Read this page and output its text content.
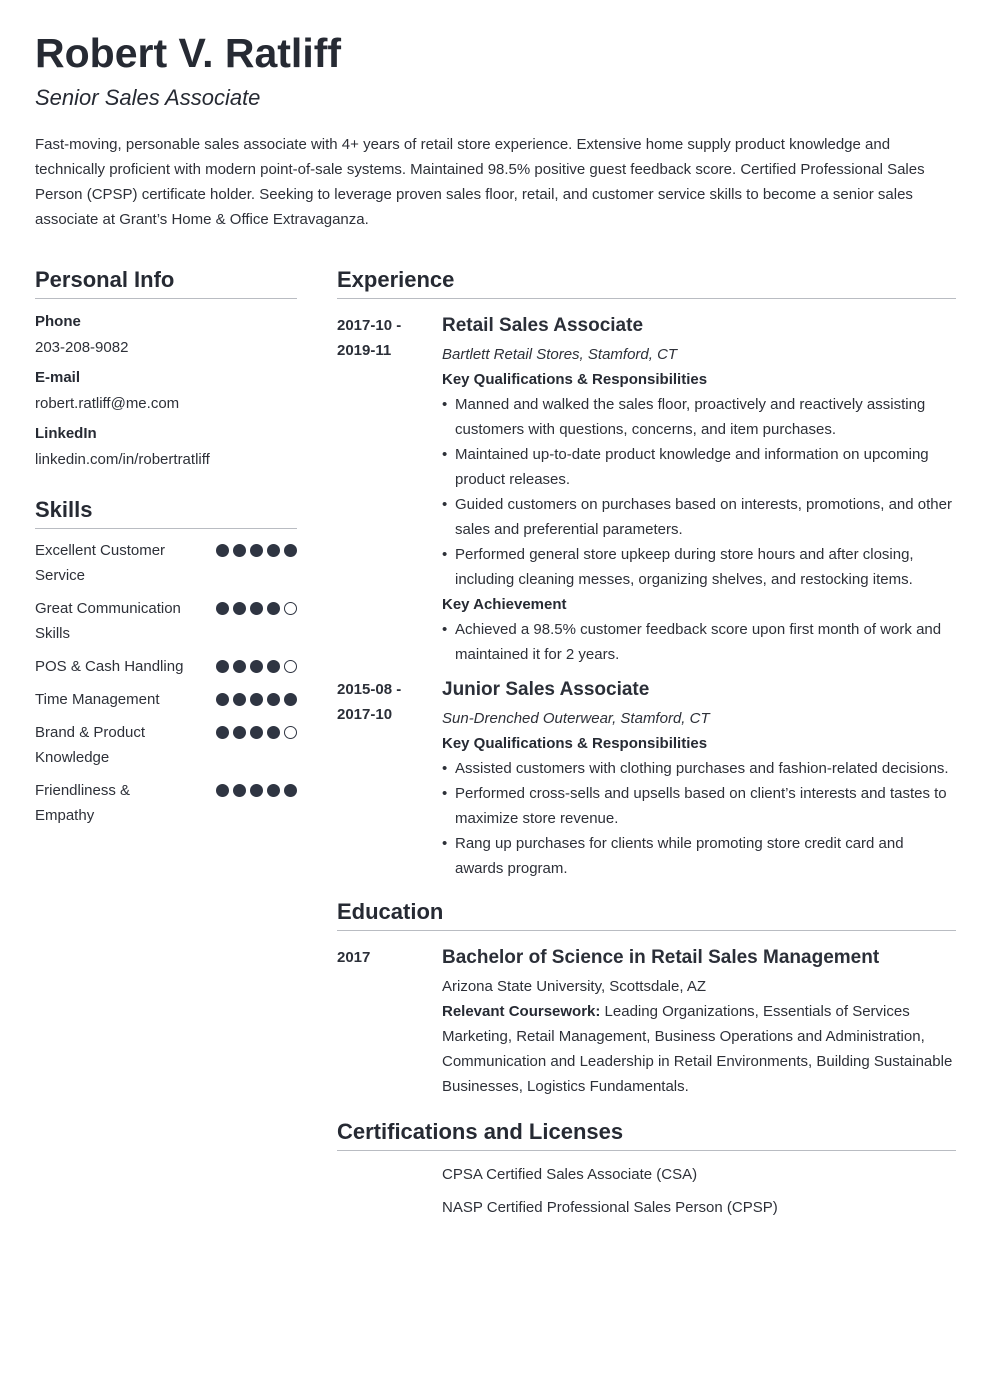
Robert V. Ratliff
Senior Sales Associate

Fast-moving, personable sales associate with 4+ years of retail store experience. Extensive home supply product knowledge and technically proficient with modern point-of-sale systems. Maintained 98.5% positive guest feedback score. Certified Professional Sales Person (CPSP) certificate holder. Seeking to leverage proven sales floor, retail, and customer service skills to become a senior sales associate at Grant’s Home & Office Extravaganza.

Personal Info
Phone
203-208-9082
E-mail
robert.ratliff@me.com
LinkedIn
linkedin.com/in/robertratliff
Skills
Excellent Customer Service
Great Communication Skills
POS & Cash Handling
Time Management
Brand & Product Knowledge
Friendliness & Empathy
Experience
2017-10 -
2019-11
Retail Sales Associate
Bartlett Retail Stores, Stamford, CT
Key Qualifications & Responsibilities
• Manned and walked the sales floor, proactively and reactively assisting customers with questions, concerns, and item purchases.
• Maintained up-to-date product knowledge and information on upcoming product releases.
• Guided customers on purchases based on interests, promotions, and other sales and preferential parameters.
• Performed general store upkeep during store hours and after closing, including cleaning messes, organizing shelves, and restocking items.
Key Achievement
• Achieved a 98.5% customer feedback score upon first month of work and maintained it for 2 years.
2015-08 -
2017-10
Junior Sales Associate
Sun-Drenched Outerwear, Stamford, CT
Key Qualifications & Responsibilities
• Assisted customers with clothing purchases and fashion-related decisions.
• Performed cross-sells and upsells based on client’s interests and tastes to maximize store revenue.
• Rang up purchases for clients while promoting store credit card and awards program.
Education
2017	Bachelor of Science in Retail Sales Management
Arizona State University, Scottsdale, AZ
Relevant Coursework: Leading Organizations, Essentials of Services Marketing, Retail Management, Business Operations and Administration, Communication and Leadership in Retail Environments, Building Sustainable Businesses, Logistics Fundamentals.
Certifications and Licenses
CPSA Certified Sales Associate (CSA)
NASP Certified Professional Sales Person (CPSP)
